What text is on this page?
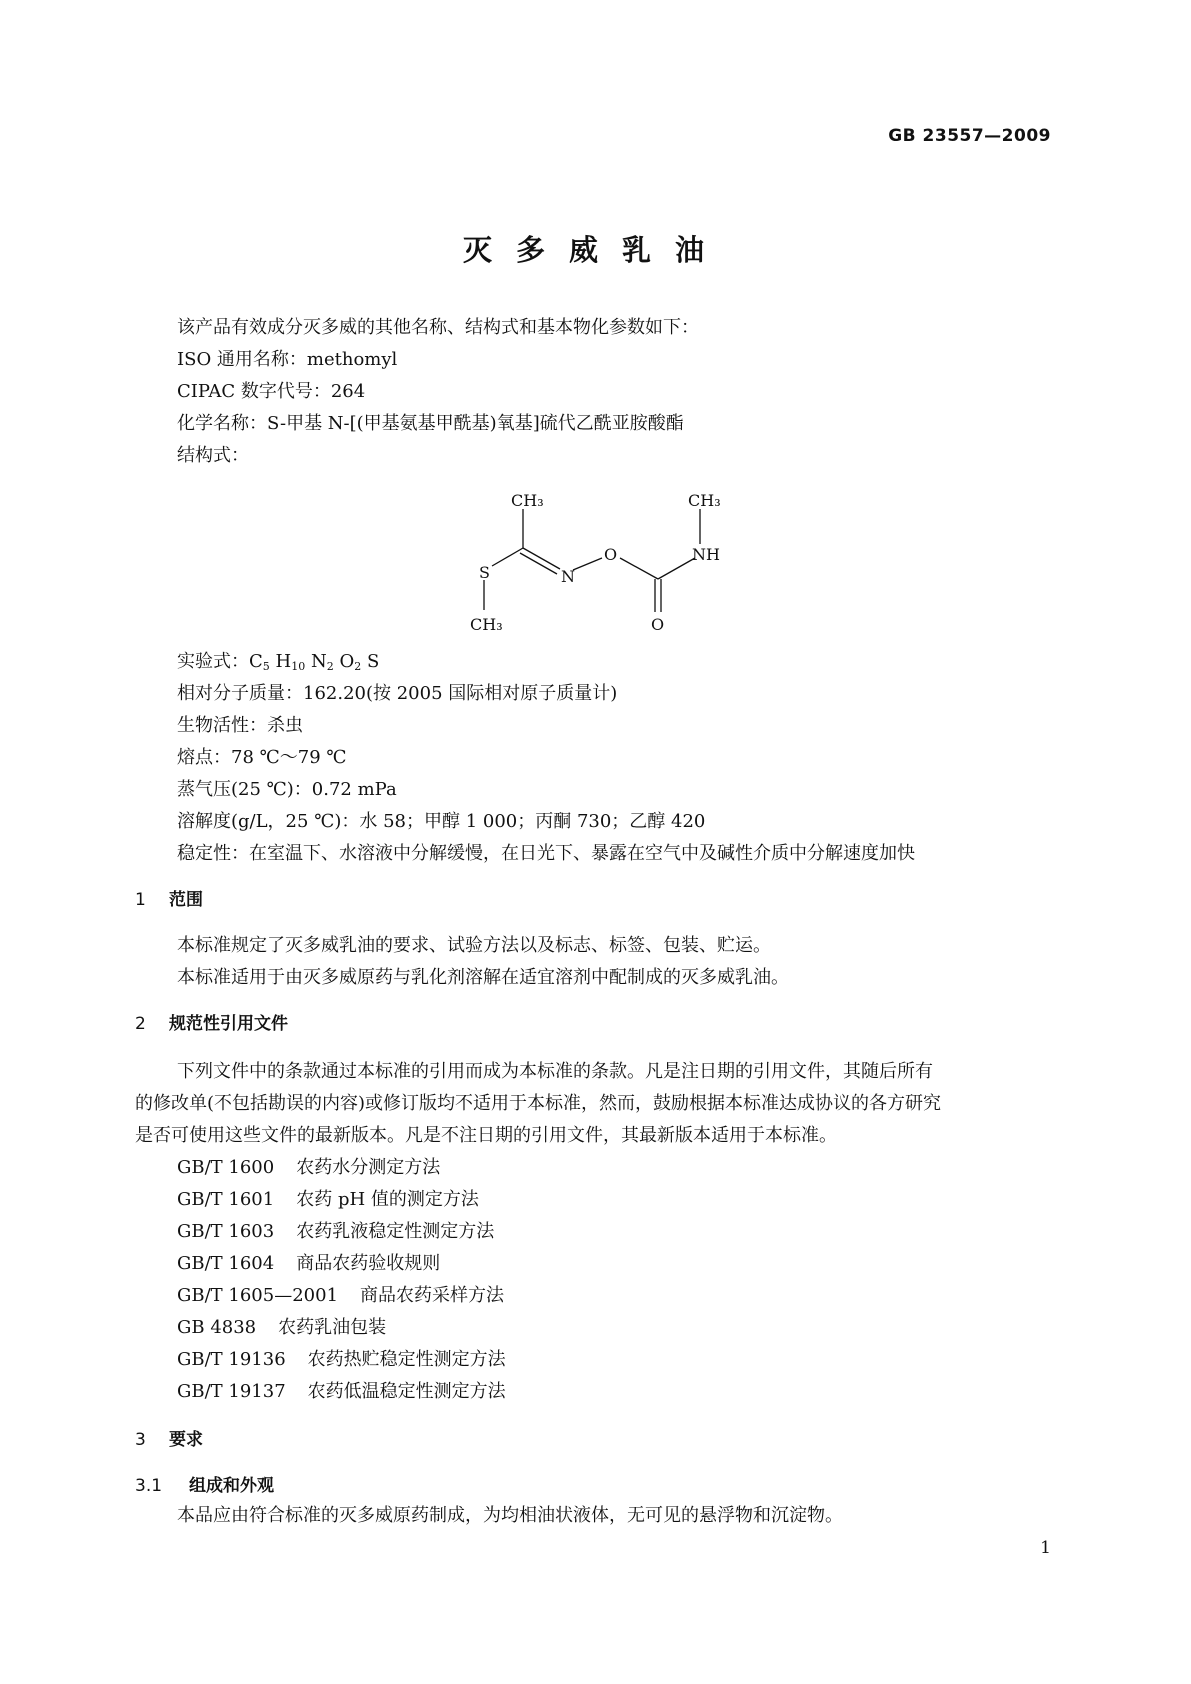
GB 23557—2009
灭多威乳油
该产品有效成分灭多威的其他名称、结构式和基本物化参数如下：
ISO 通用名称：methomyl
CIPAC 数字代号：264
化学名称：S-甲基 N-[(甲基氨基甲酰基)氧基]硫代乙酰亚胺酸酯
结构式：
CH₃	CH₃
S	N
O	NH
CH₃	O
实验式：$C_5$ $H_{10}$ $N_2$ $O_2$ S
相对分子质量：162.20(按 2005 国际相对原子质量计)
生物活性：杀虫
熔点：78 ℃～79 ℃
蒸气压(25 ℃)：0.72 mPa
溶解度(g/L，25 ℃)：水 58；甲醇 1 000；丙酮 730；乙醇 420
稳定性：在室温下、水溶液中分解缓慢，在日光下、暴露在空气中及碱性介质中分解速度加快
1 范围
本标准规定了灭多威乳油的要求、试验方法以及标志、标签、包装、贮运。
本标准适用于由灭多威原药与乳化剂溶解在适宜溶剂中配制成的灭多威乳油。
2 规范性引用文件
下列文件中的条款通过本标准的引用而成为本标准的条款。凡是注日期的引用文件，其随后所有
的修改单(不包括勘误的内容)或修订版均不适用于本标准，然而，鼓励根据本标准达成协议的各方研究
是否可使用这些文件的最新版本。凡是不注日期的引用文件，其最新版本适用于本标准。
GB/T 1600 农药水分测定方法
GB/T 1601 农药 pH 值的测定方法
GB/T 1603 农药乳液稳定性测定方法
GB/T 1604 商品农药验收规则
GB/T 1605—2001 商品农药采样方法
GB 4838 农药乳油包装
GB/T 19136 农药热贮稳定性测定方法
GB/T 19137 农药低温稳定性测定方法
3 要求
3.1 组成和外观
本品应由符合标准的灭多威原药制成，为均相油状液体，无可见的悬浮物和沉淀物。
1
